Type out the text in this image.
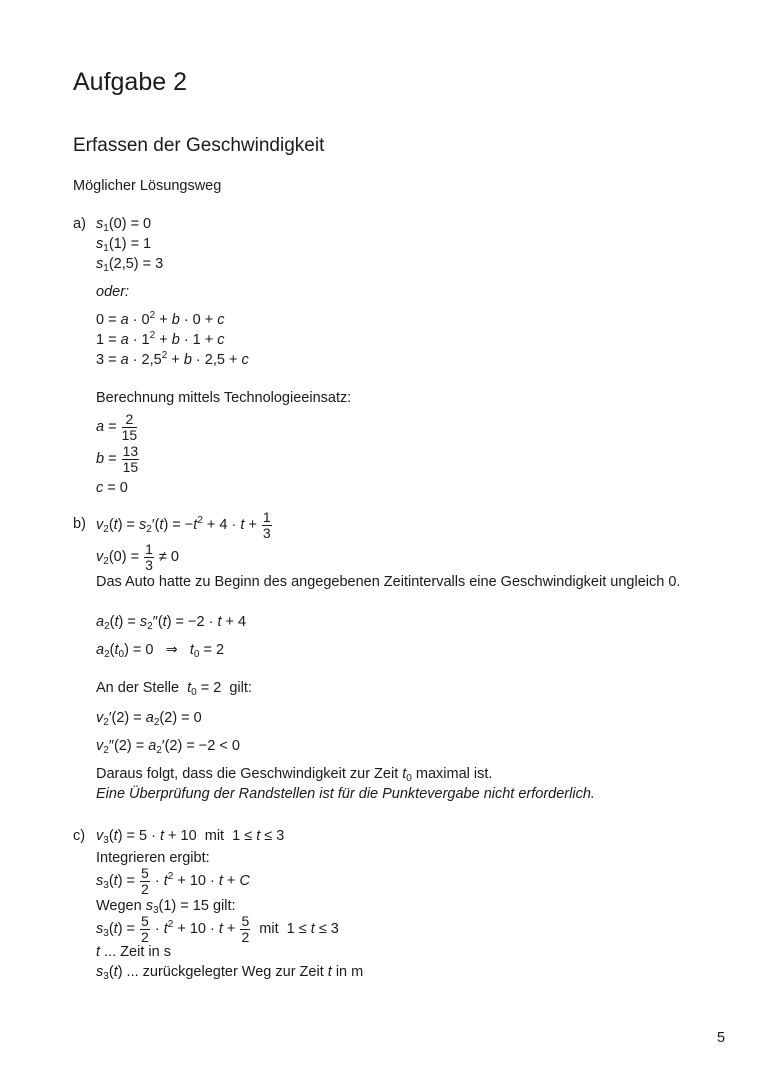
Aufgabe 2
Erfassen der Geschwindigkeit
Möglicher Lösungsweg
a) $s_1(0) = 0$
$s_1(1) = 1$
$s_1(2,5) = 3$
oder:
$0 = a \cdot 0^2 + b \cdot 0 + c$
$1 = a \cdot 1^2 + b \cdot 1 + c$
$3 = a \cdot 2,5^2 + b \cdot 2,5 + c$
Berechnung mittels Technologieeinsatz:
$a = \frac{2}{15}$
$b = \frac{13}{15}$
c = 0
b) $v_2(t) = s_2'(t) = -t^2 + 4 \cdot t + \frac{1}{3}$
$v_2(0) = \frac{1}{3} \ne 0$
Das Auto hatte zu Beginn des angegebenen Zeitintervalls eine Geschwindigkeit ungleich 0.
$a_2(t) = s_2''(t) = -2 \cdot t + 4$
$a_2(t_0) = 0$   ⇒   $t_0 = 2$
An der Stelle $t_0 = 2$  gilt:
$v_2'(2) = a_2(2) = 0$
$v_2''(2) = a_2'(2) = -2 < 0$
Daraus folgt, dass die Geschwindigkeit zur Zeit $t_0$ maximal ist.
Eine Überprüfung der Randstellen ist für die Punktevergabe nicht erforderlich.
c) $v_3(t) = 5 \cdot t + 10$  mit  1 ≤ t ≤ 3
Integrieren ergibt:
$s_3(t) = \frac{5}{2} \cdot t^2 + 10 \cdot t + C$
Wegen $s_3(1) = 15$ gilt:
$s_3(t) = \frac{5}{2} \cdot t^2 + 10 \cdot t + \frac{5}{2}$ mit  1 ≤ t ≤ 3
t ... Zeit in s
$s_3(t)$ ... zurückgelegter Weg zur Zeit t in m
5
